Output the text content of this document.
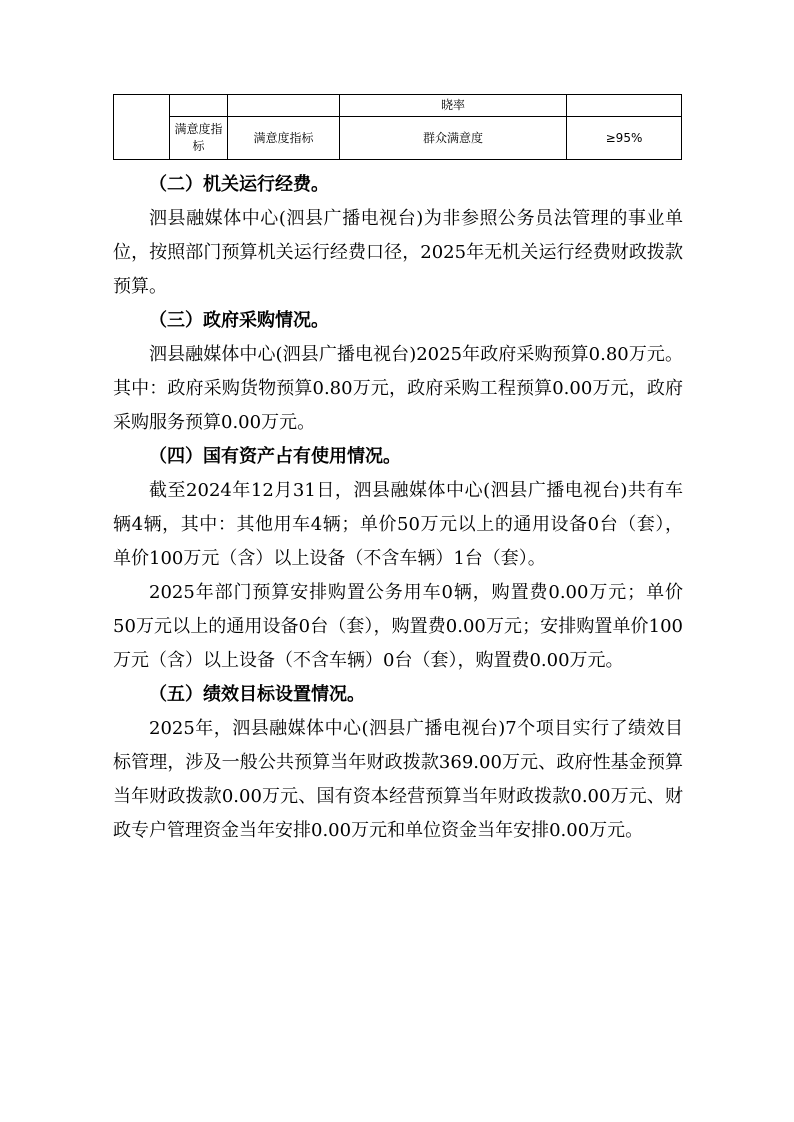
			晓率	
	满意度指标	满意度指标	群众满意度	≥95%

（二）机关运行经费。

泗县融媒体中心(泗县广播电视台)为非参照公务员法管理的事业单位，按照部门预算机关运行经费口径，2025年无机关运行经费财政拨款预算。

（三）政府采购情况。

泗县融媒体中心(泗县广播电视台)2025年政府采购预算0.80万元。其中：政府采购货物预算0.80万元，政府采购工程预算0.00万元，政府采购服务预算0.00万元。

（四）国有资产占有使用情况。

截至2024年12月31日，泗县融媒体中心(泗县广播电视台)共有车辆4辆，其中：其他用车4辆；单价50万元以上的通用设备0台（套），单价100万元（含）以上设备（不含车辆）1台（套）。

2025年部门预算安排购置公务用车0辆，购置费0.00万元；单价50万元以上的通用设备0台（套），购置费0.00万元；安排购置单价100万元（含）以上设备（不含车辆）0台（套），购置费0.00万元。

（五）绩效目标设置情况。

2025年，泗县融媒体中心(泗县广播电视台)7个项目实行了绩效目标管理，涉及一般公共预算当年财政拨款369.00万元、政府性基金预算当年财政拨款0.00万元、国有资本经营预算当年财政拨款0.00万元、财政专户管理资金当年安排0.00万元和单位资金当年安排0.00万元。
